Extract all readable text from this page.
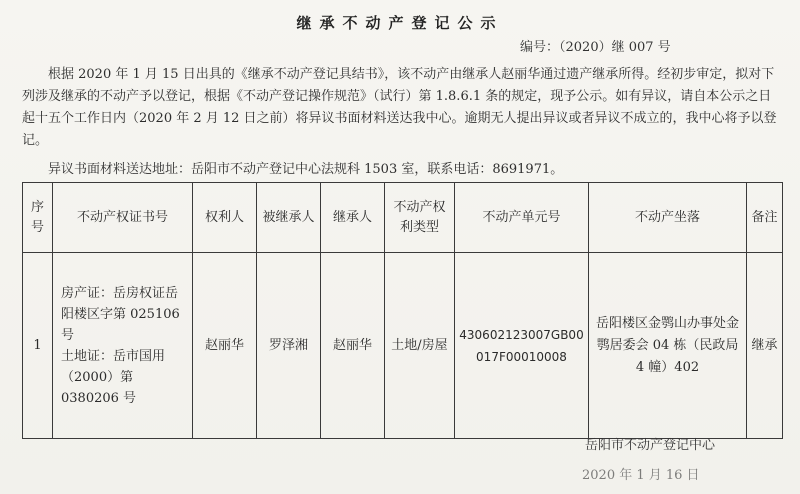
继承不动产登记公示
编号：（2020）继 007 号
根据 2020 年 1 月 15 日出具的《继承不动产登记具结书》，该不动产由继承人赵丽华通过遗产继承所得。经初步审定，拟对下列涉及继承的不动产予以登记，根据《不动产登记操作规范》（试行）第 1.8.6.1 条的规定，现予公示。如有异议，请自本公示之日起十五个工作日内（2020 年 2 月 12 日之前）将异议书面材料送达我中心。逾期无人提出异议或者异议不成立的，我中心将予以登记。
异议书面材料送达地址：岳阳市不动产登记中心法规科 1503 室，联系电话：8691971。
序号	不动产权证书号	权利人	被继承人	继承人	不动产权利类型	不动产单元号	不动产坐落	备注
1	房产证：岳房权证岳阳楼区字第 025106 号
土地证：岳市国用（2000）第 0380206 号	赵丽华	罗泽湘	赵丽华	土地/房屋	430602123007GB00017F00010008	岳阳楼区金鹗山办事处金鹗居委会 04 栋（民政局 4 幢）402	继承
岳阳市不动产登记中心
2020 年 1 月 16 日
